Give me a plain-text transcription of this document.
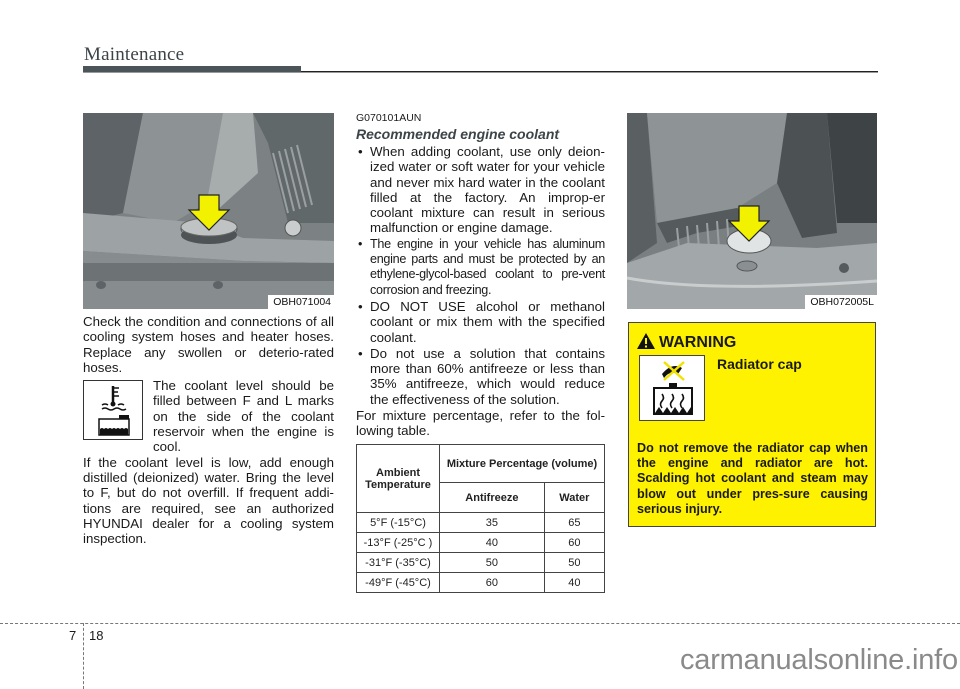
Maintenance
OBH071004

Check the condition and connections of all cooling system hoses and heater hoses. Replace any swollen or deterio-rated hoses.

The coolant level should be filled between F and L marks on the side of the coolant reservoir when the engine is cool.

If the coolant level is low, add enough distilled (deionized) water. Bring the level to F, but do not overfill. If frequent addi-tions are required, see an authorized HYUNDAI dealer for a cooling system inspection.

G070101AUN
Recommended engine coolant
• When adding coolant, use only deion-ized water or soft water for your vehicle and never mix hard water in the coolant filled at the factory. An improp-er coolant mixture can result in serious malfunction or engine damage.
• The engine in your vehicle has aluminum engine parts and must be protected by an ethylene-glycol-based coolant to pre-vent corrosion and freezing.
• DO NOT USE alcohol or methanol coolant or mix them with the specified coolant.
• Do not use a solution that contains more than 60% antifreeze or less than 35% antifreeze, which would reduce the effectiveness of the solution.

For mixture percentage, refer to the fol-lowing table.

Ambient Temperature	Mixture Percentage (volume)	
	Antifreeze	Water
5°F (-15°C)	35	65
-13°F (-25°C )	40	60
-31°F (-35°C)	50	50
-49°F (-45°C)	60	40
OBH072005L
WARNING
Radiator cap
Do not remove the radiator cap when the engine and radiator are hot. Scalding hot coolant and steam may blow out under pres-sure causing serious injury.
7 18
carmanualsonline.info
